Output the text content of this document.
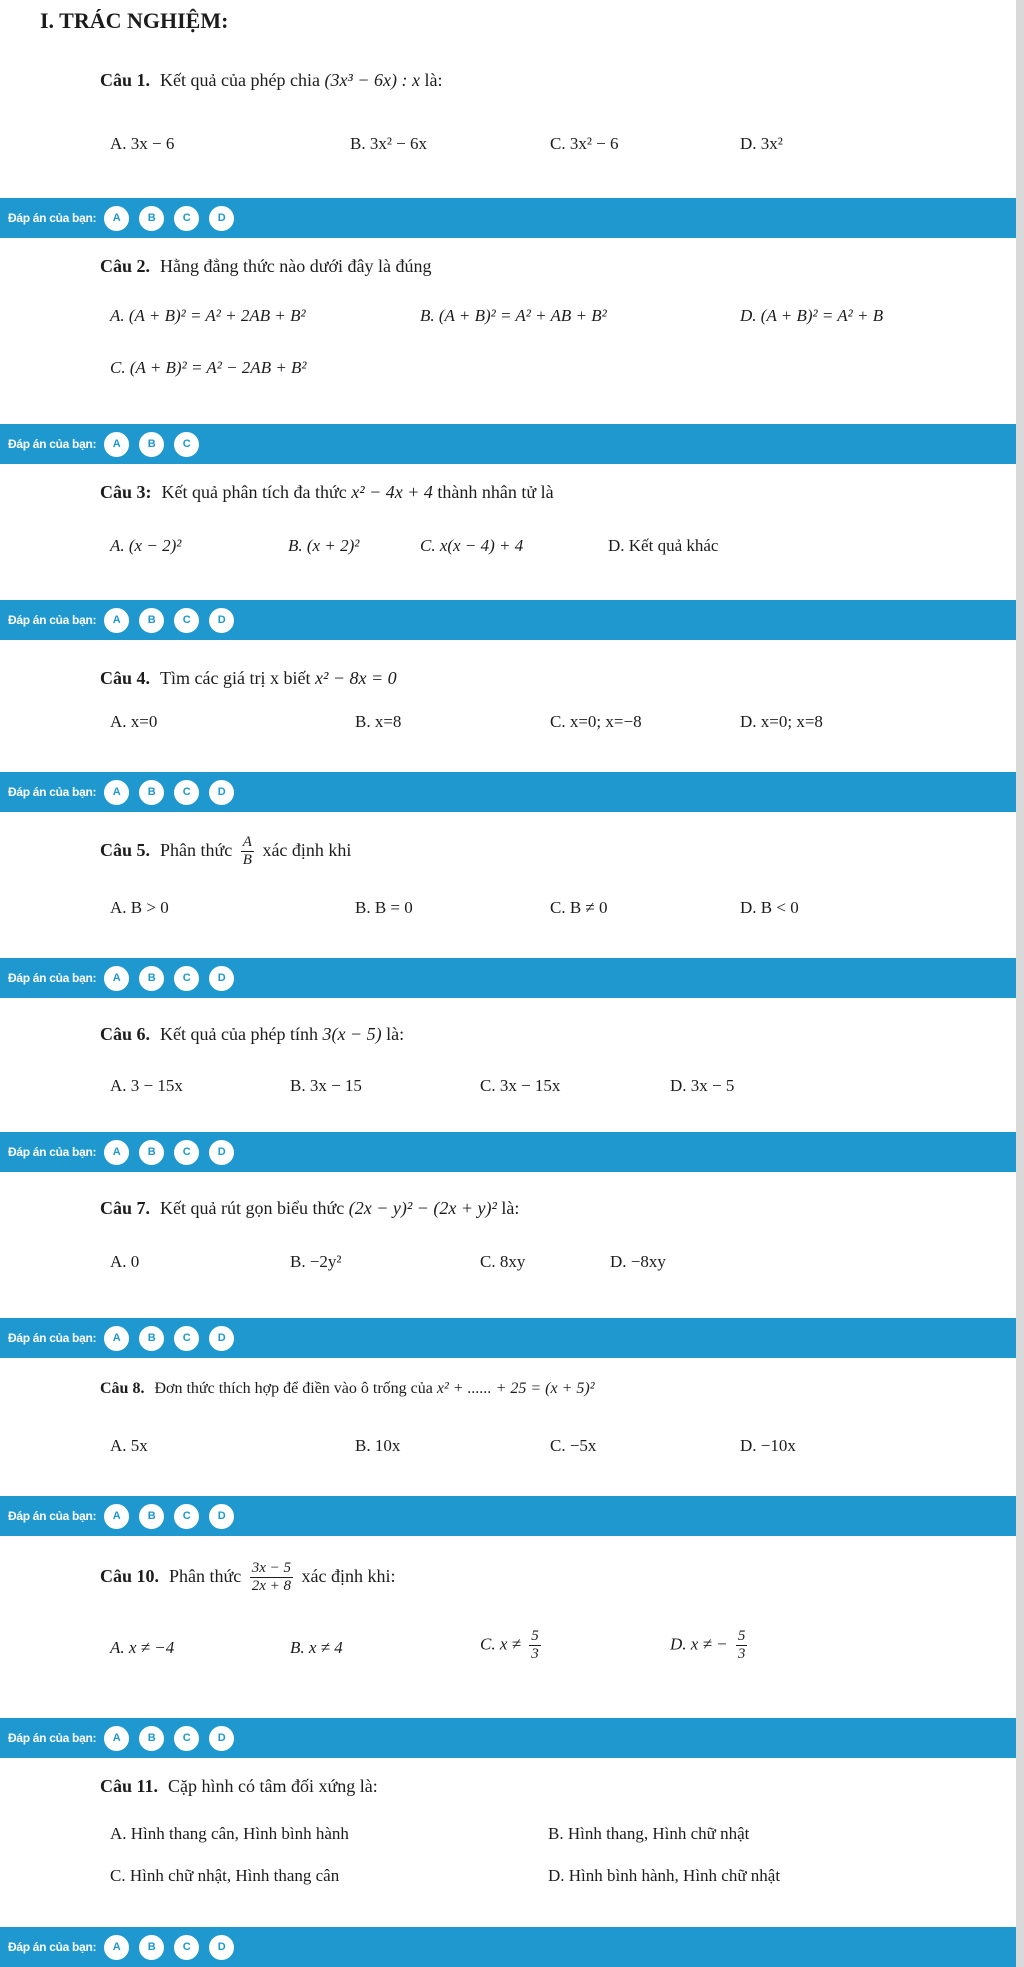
I. TRÁC NGHIỆM:
Câu 1. Kết quả của phép chia (3x³ − 6x) : x là:
A. 3x − 6	B. 3x² − 6x	C. 3x² − 6	D. 3x²
Đáp án của bạn:	A	B	C	D
Câu 2. Hằng đẳng thức nào dưới đây là đúng
A. (A + B)² = A² + 2AB + B²	B. (A + B)² = A² + AB + B²	D. (A + B)² = A² + B
C. (A + B)² = A² − 2AB + B²
Đáp án của bạn:	A	B	C
Câu 3: Kết quả phân tích đa thức x² − 4x + 4 thành nhân tử là
A. (x − 2)²	B. (x + 2)²	C. x(x − 4) + 4	D. Kết quả khác
Đáp án của bạn:	A	B	C	D
Câu 4. Tìm các giá trị x biết x² − 8x = 0
A. x=0	B. x=8	C. x=0; x=−8	D. x=0; x=8
Đáp án của bạn:	A	B	C	D
Câu 5. Phân thức $\frac{A}{B}$ xác định khi
A. B > 0	B. B = 0	C. B ≠ 0	D. B < 0
Đáp án của bạn:	A	B	C	D
Câu 6. Kết quả của phép tính 3(x − 5) là:
A. 3 − 15x	B. 3x − 15	C. 3x − 15x	D. 3x − 5
Đáp án của bạn:	A	B	C	D
Câu 7. Kết quả rút gọn biểu thức (2x − y)² − (2x + y)² là:
A. 0	B. −2y²	C. 8xy	D. −8xy
Đáp án của bạn:	A	B	C	D
Câu 8. Đơn thức thích hợp để điền vào ô trống của x² + ...... + 25 = (x + 5)²
A. 5x	B. 10x	C. −5x	D. −10x
Đáp án của bạn:	A	B	C	D
Câu 10. Phân thức $\frac{3x - 5}{2x + 8}$ xác định khi:
A. x ≠ −4	B. x ≠ 4	C. $x \ne \frac{5}{3}$	D. x ≠ − $\frac{5}{3}$
Đáp án của bạn:	A	B	C	D
Câu 11. Cặp hình có tâm đối xứng là:
A. Hình thang cân, Hình bình hành	B. Hình thang, Hình chữ nhật
C. Hình chữ nhật, Hình thang cân	D. Hình bình hành, Hình chữ nhật
Đáp án của bạn:	A	B	C	D
